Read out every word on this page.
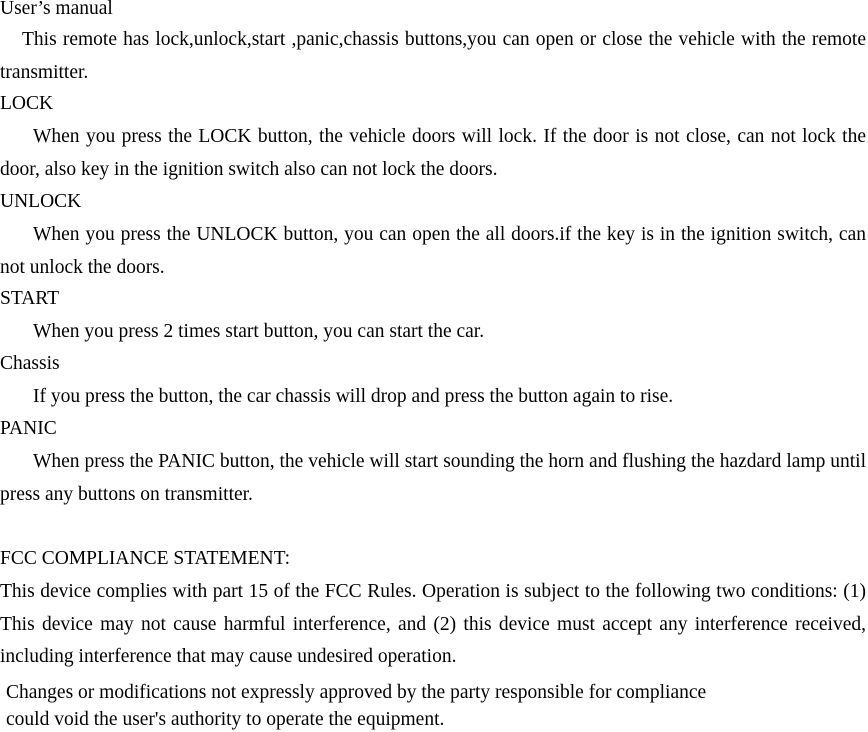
User’s manual
This remote has lock,unlock,start ,panic,chassis buttons,you can open or close the vehicle with the remote transmitter.
LOCK
When you press the LOCK button, the vehicle doors will lock. If the door is not close, can not lock the door, also key in the ignition switch also can not lock the doors.
UNLOCK
When you press the UNLOCK button, you can open the all doors.if the key is in the ignition switch, can not unlock the doors.
START
When you press 2 times start button, you can start the car.
Chassis
If you press the button, the car chassis will drop and press the button again to rise.
PANIC
When press the PANIC button, the vehicle will start sounding the horn and flushing the hazdard lamp until press any buttons on transmitter.
FCC COMPLIANCE STATEMENT:
This device complies with part 15 of the FCC Rules. Operation is subject to the following two conditions: (1) This device may not cause harmful interference, and (2) this device must accept any interference received, including interference that may cause undesired operation.
Changes or modifications not expressly approved by the party responsible for compliance
could void the user's authority to operate the equipment.
